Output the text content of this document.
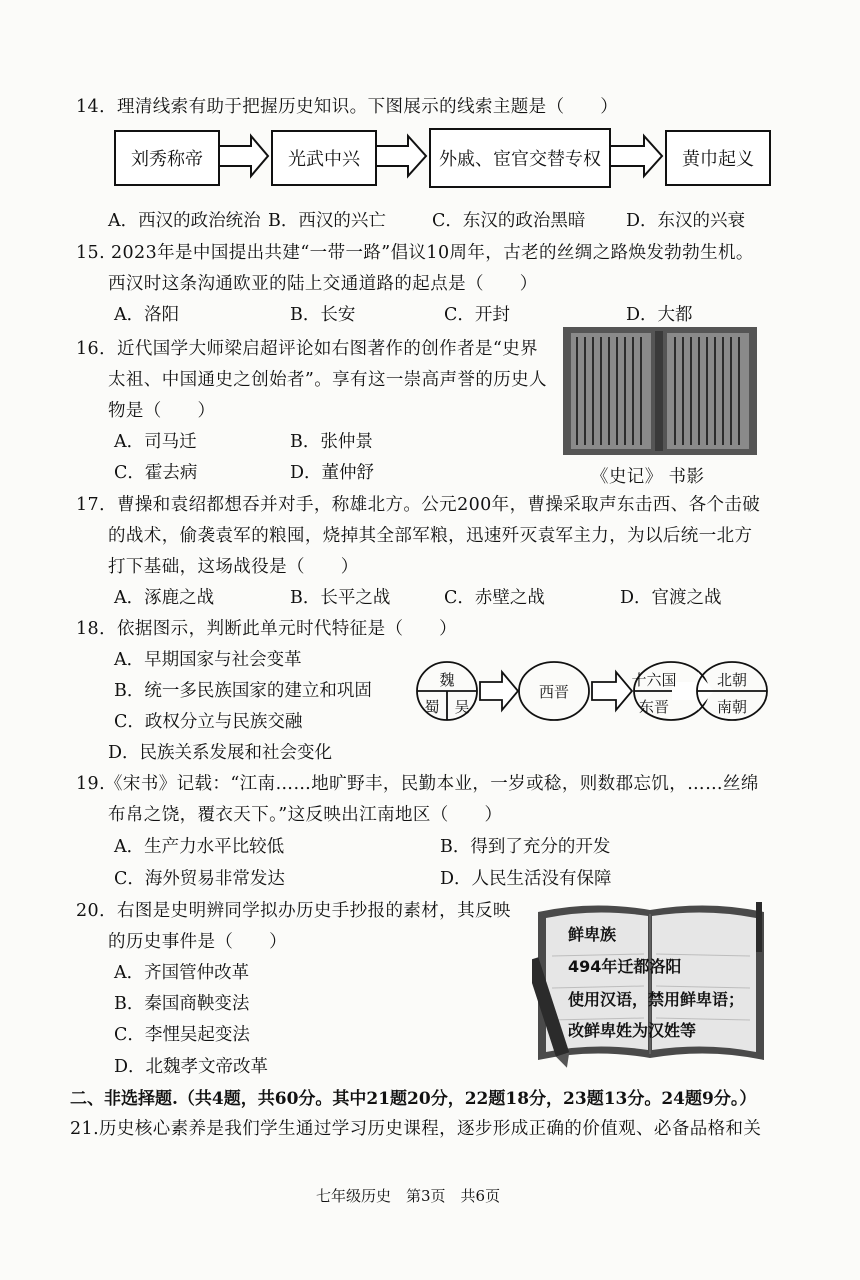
14．理清线索有助于把握历史知识。下图展示的线索主题是（　　）
刘秀称帝	光武中兴	外戚、宦官交替专权	黄巾起义
A．西汉的政治统治 B．西汉的兴亡	C．东汉的政治黑暗 D．东汉的兴衰
15. 2023年是中国提出共建“一带一路”倡议10周年，古老的丝绸之路焕发勃勃生机。
西汉时这条沟通欧亚的陆上交通道路的起点是（　　）
A．洛阳	B．长安	C．开封	D．大都
16．近代国学大师梁启超评论如右图著作的创作者是“史界
太祖、中国通史之创始者”。享有这一崇高声誉的历史人
物是（　　）
A．司马迁	B．张仲景
C．霍去病	D．董仲舒	《史记》 书影
17．曹操和袁绍都想吞并对手，称雄北方。公元200年，曹操采取声东击西、各个击破
的战术，偷袭袁军的粮囤，烧掉其全部军粮，迅速歼灭袁军主力，为以后统一北方
打下基础，这场战役是（　　）
A．涿鹿之战	B．长平之战	C．赤壁之战	D．官渡之战
18．依据图示，判断此单元时代特征是（　　）
A．早期国家与社会变革
B．统一多民族国家的建立和巩固
C．政权分立与民族交融
D．民族关系发展和社会变化
魏
蜀 吴
西晋
十六国
东晋
北朝
南朝
19.《宋书》记载：“江南……地旷野丰，民勤本业，一岁或稔，则数郡忘饥，……丝绵
布帛之饶，覆衣天下。”这反映出江南地区（　　）
A．生产力水平比较低	B．得到了充分的开发
C．海外贸易非常发达	D．人民生活没有保障
20．右图是史明辨同学拟办历史手抄报的素材，其反映
的历史事件是（　　）
A．齐国管仲改革
B．秦国商鞅变法
C．李悝吴起变法
D．北魏孝文帝改革
鲜卑族
494年迁都洛阳
使用汉语，禁用鲜卑语；
改鲜卑姓为汉姓等
二、非选择题.（共4题，共60分。其中21题20分，22题18分，23题13分。24题9分。）
21.历史核心素养是我们学生通过学习历史课程，逐步形成正确的价值观、必备品格和关
七年级历史　第3页　共6页
